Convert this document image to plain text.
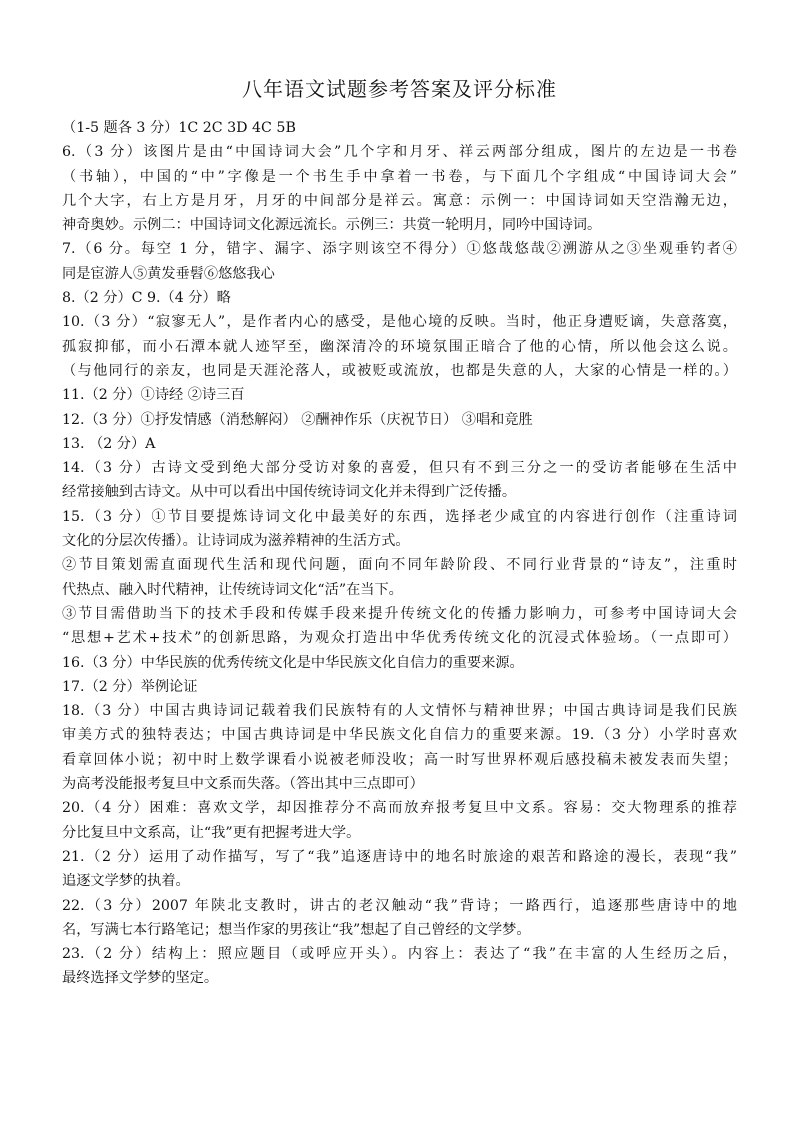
八年语文试题参考答案及评分标准
（1-5 题各 3 分）1C 2C 3D 4C 5B
6.（3 分）该图片是由“中国诗词大会”几个字和月牙、祥云两部分组成，图片的左边是一书卷
（书轴），中国的“中”字像是一个书生手中拿着一书卷，与下面几个字组成“中国诗词大会”
几个大字，右上方是月牙，月牙的中间部分是祥云。寓意：示例一：中国诗词如天空浩瀚无边，
神奇奥妙。示例二：中国诗词文化源远流长。示例三：共赏一轮明月，同吟中国诗词。
7.（6 分。每空 1 分，错字、漏字、添字则该空不得分）①悠哉悠哉②溯游从之③坐观垂钓者④
同是宦游人⑤黄发垂髫⑥悠悠我心
8.（2 分）C 9.（4 分）略
10.（3 分）“寂寥无人”，是作者内心的感受，是他心境的反映。当时，他正身遭贬谪，失意落寞，
孤寂抑郁，而小石潭本就人迹罕至，幽深清冷的环境氛围正暗合了他的心情，所以他会这么说。
（与他同行的亲友，也同是天涯沦落人，或被贬或流放，也都是失意的人，大家的心情是一样的。）
11.（2 分）①诗经 ②诗三百
12.（3 分）①抒发情感（消愁解闷） ②酬神作乐（庆祝节日） ③唱和竞胜
13. （2 分）A
14.（3 分）古诗文受到绝大部分受访对象的喜爱，但只有不到三分之一的受访者能够在生活中
经常接触到古诗文。从中可以看出中国传统诗词文化并未得到广泛传播。
15.（3 分）①节目要提炼诗词文化中最美好的东西，选择老少咸宜的内容进行创作（注重诗词
文化的分层次传播）。让诗词成为滋养精神的生活方式。
②节目策划需直面现代生活和现代问题，面向不同年龄阶段、不同行业背景的“诗友”，注重时
代热点、融入时代精神，让传统诗词文化“活”在当下。
③节目需借助当下的技术手段和传媒手段来提升传统文化的传播力影响力，可参考中国诗词大会
“思想+艺术+技术”的创新思路，为观众打造出中华优秀传统文化的沉浸式体验场。（一点即可）
16.（3 分）中华民族的优秀传统文化是中华民族文化自信力的重要来源。
17.（2 分）举例论证
18.（3 分）中国古典诗词记载着我们民族特有的人文情怀与精神世界；中国古典诗词是我们民族
审美方式的独特表达；中国古典诗词是中华民族文化自信力的重要来源。19.（3 分）小学时喜欢
看章回体小说；初中时上数学课看小说被老师没收；高一时写世界杯观后感投稿未被发表而失望；
为高考没能报考复旦中文系而失落。（答出其中三点即可）
20.（4 分）困难：喜欢文学，却因推荐分不高而放弃报考复旦中文系。容易：交大物理系的推荐
分比复旦中文系高，让“我”更有把握考进大学。
21.（2 分）运用了动作描写，写了“我”追逐唐诗中的地名时旅途的艰苦和路途的漫长，表现“我”
追逐文学梦的执着。
22.（3 分）2007 年陕北支教时，讲古的老汉触动“我”背诗；一路西行，追逐那些唐诗中的地
名，写满七本行路笔记；想当作家的男孩让“我”想起了自己曾经的文学梦。
23.（2 分）结构上：照应题目（或呼应开头）。内容上：表达了“我”在丰富的人生经历之后，
最终选择文学梦的坚定。
